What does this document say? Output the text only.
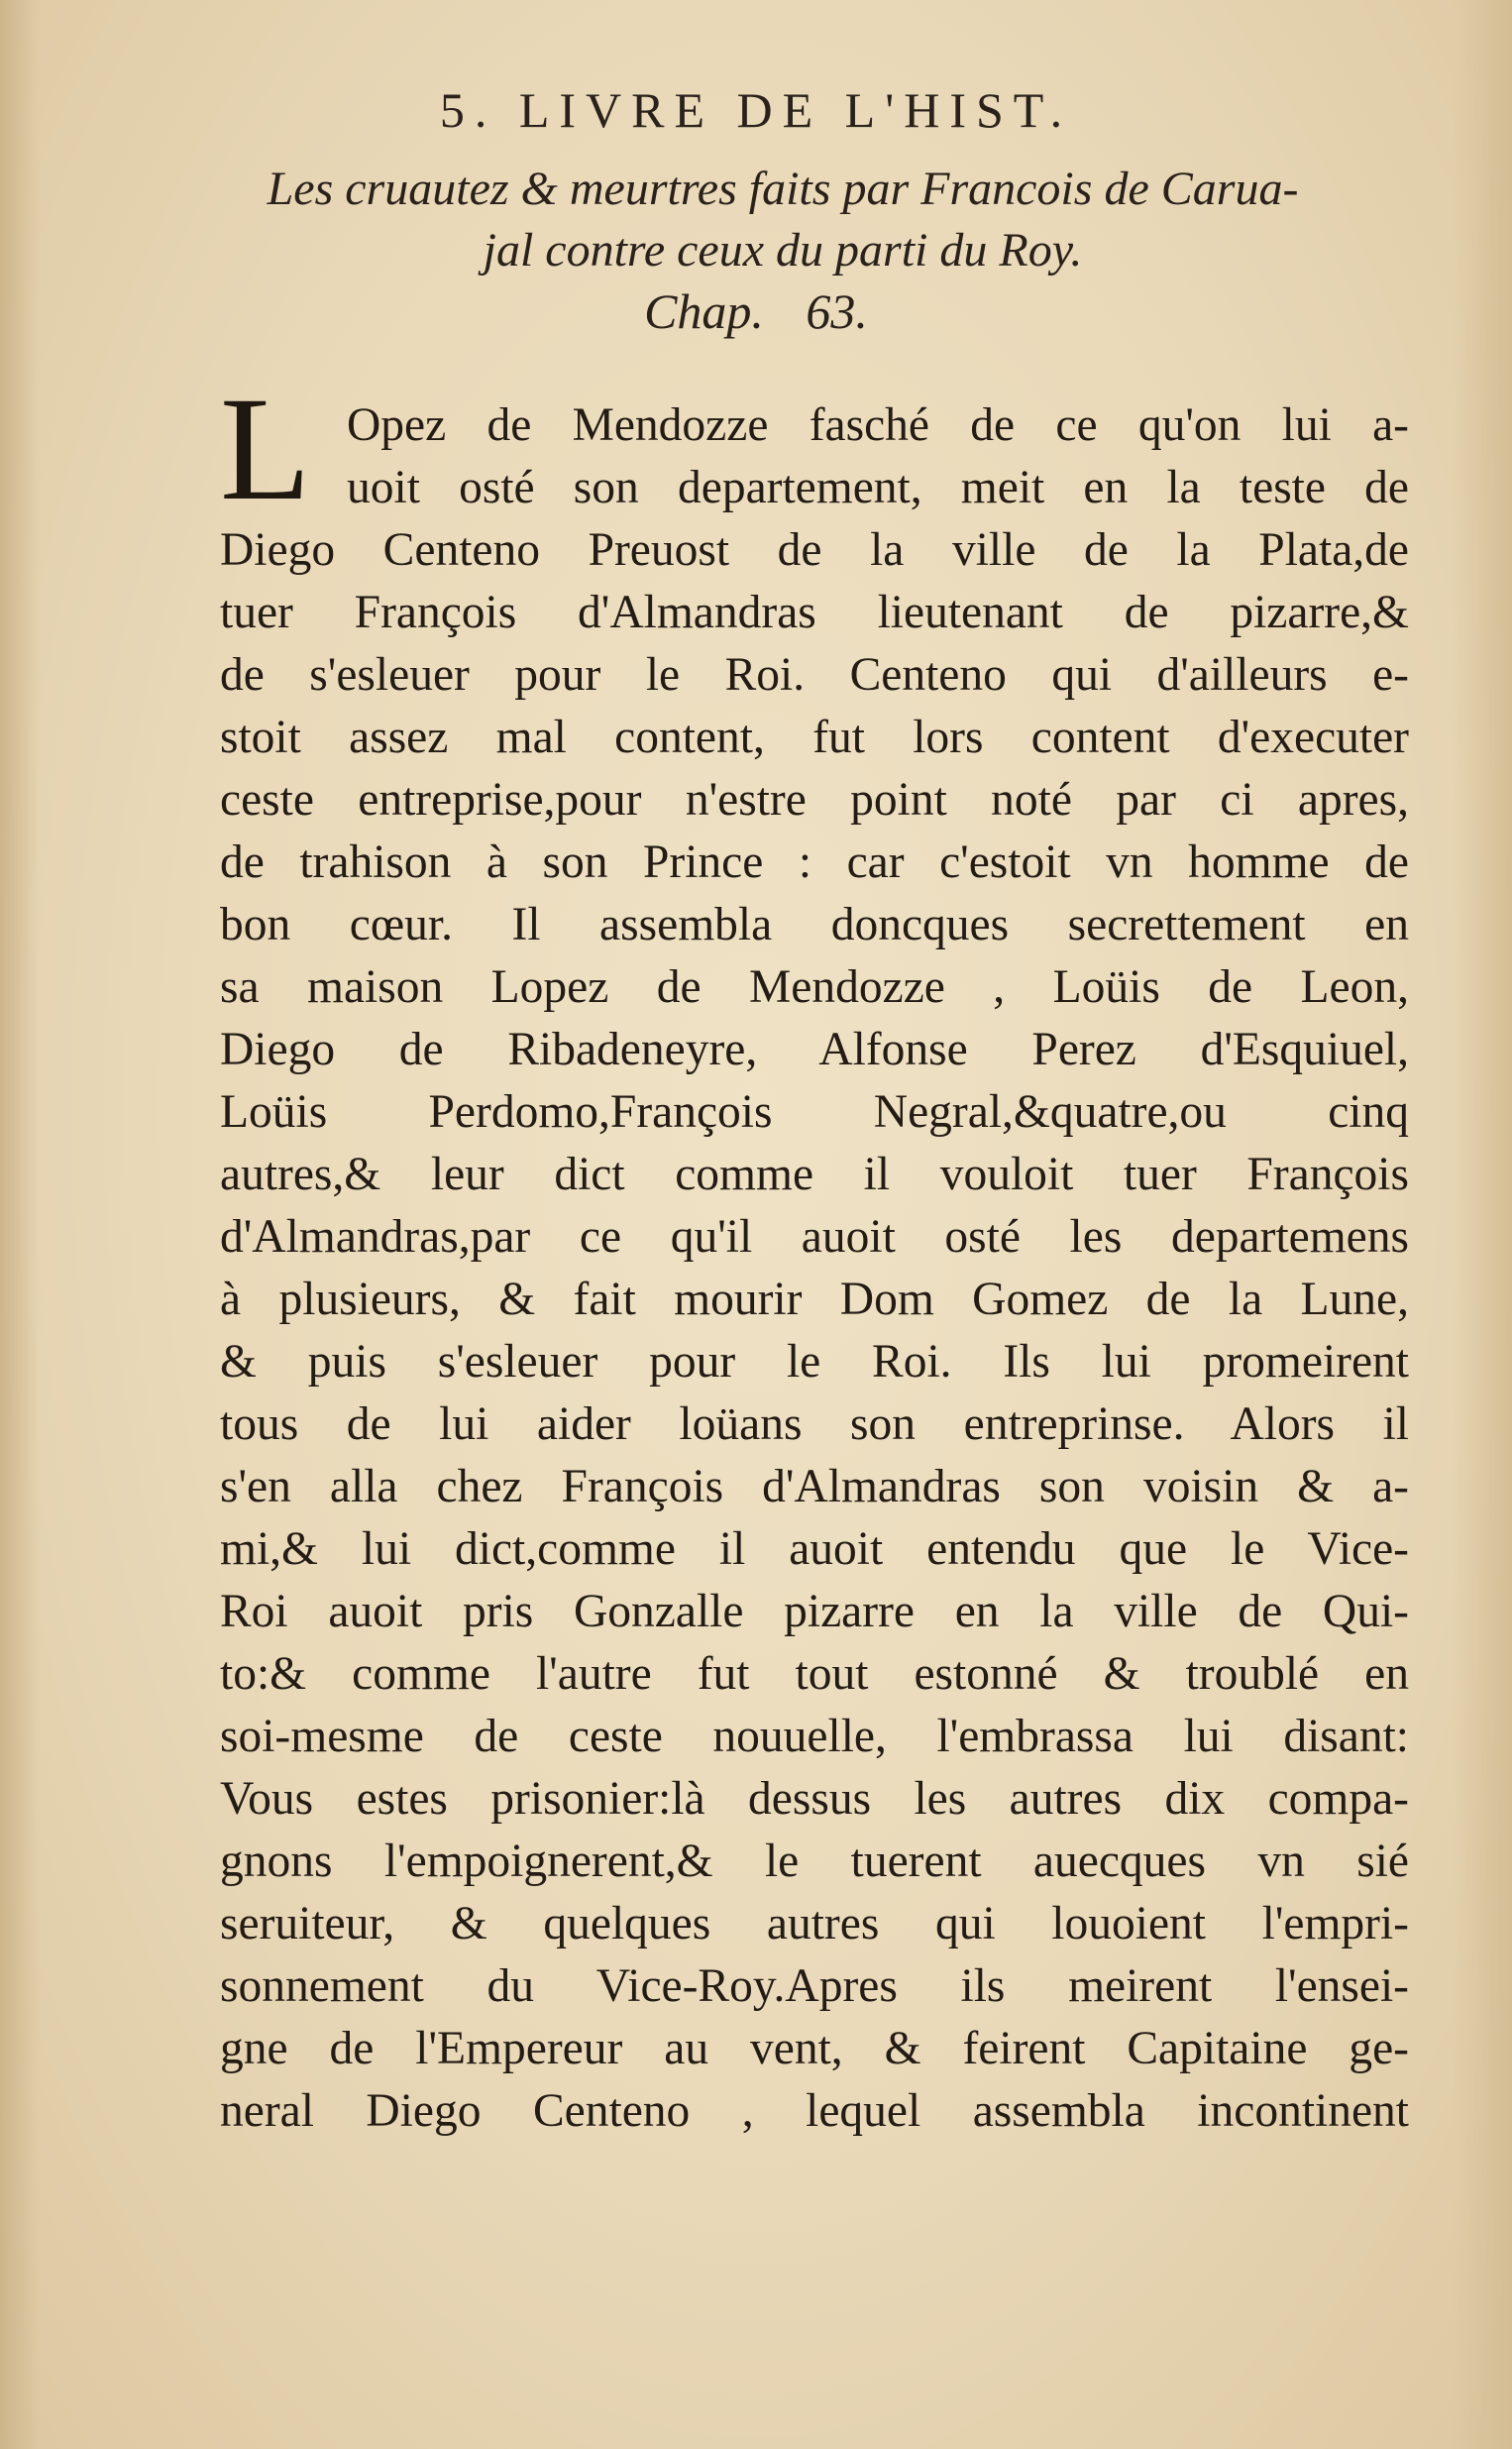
5. LIVRE DE L'HIST.
Les cruautez & meurtres faits par Francois de Carua-
jal contre ceux du parti du Roy.
Chap. 63.
L Opez de Mendozze fasché de ce qu'on lui a-
uoit osté son departement, meit en la teste de
Diego Centeno Preuost de la ville de la Plata,de
tuer François d'Almandras lieutenant de pizarre,&
de s'esleuer pour le Roi. Centeno qui d'ailleurs e-
stoit assez mal content, fut lors content d'executer
ceste entreprise,pour n'estre point noté par ci apres,
de trahison à son Prince : car c'estoit vn homme de
bon cœur. Il assembla doncques secrettement en
sa maison Lopez de Mendozze , Loüis de Leon,
Diego de Ribadeneyre, Alfonse Perez d'Esquiuel,
Loüis Perdomo,François Negral,&quatre,ou cinq
autres,& leur dict comme il vouloit tuer François
d'Almandras,par ce qu'il auoit osté les departemens
à plusieurs, & fait mourir Dom Gomez de la Lune,
& puis s'esleuer pour le Roi. Ils lui promeirent
tous de lui aider loüans son entreprinse. Alors il
s'en alla chez François d'Almandras son voisin & a-
mi,& lui dict,comme il auoit entendu que le Vice-
Roi auoit pris Gonzalle pizarre en la ville de Qui-
to:& comme l'autre fut tout estonné & troublé en
soi-mesme de ceste nouuelle, l'embrassa lui disant:
Vous estes prisonier:là dessus les autres dix compa-
gnons l'empoignerent,& le tuerent auecques vn sié
seruiteur, & quelques autres qui louoient l'empri-
sonnement du Vice-Roy.Apres ils meirent l'ensei-
gne de l'Empereur au vent, & feirent Capitaine ge-
neral Diego Centeno , lequel assembla incontinent
